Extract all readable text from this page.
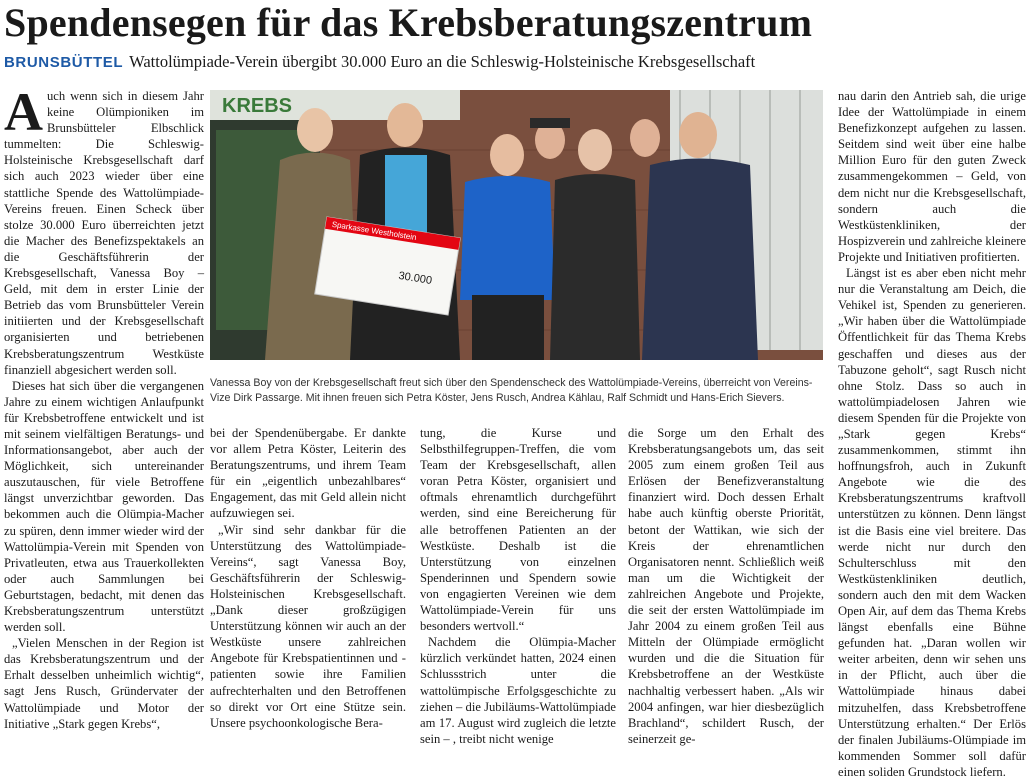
Spendensegen für das Krebsberatungszentrum
BRUNSBÜTTEL Wattolümpiade-Verein übergibt 30.000 Euro an die Schleswig-Holsteinische Krebsgesellschaft

Auch wenn sich in diesem Jahr keine Olümpioniken im Brunsbütteler Elbschlick tummelten: Die Schleswig-Holsteinische Krebsgesellschaft darf sich auch 2023 wieder über eine stattliche Spende des Wattolümpiade-Vereins freuen. Einen Scheck über stolze 30.000 Euro überreichten jetzt die Macher des Benefizspektakels an die Geschäftsführerin der Krebsgesellschaft, Vanessa Boy – Geld, mit dem in erster Linie der Betrieb das vom Brunsbütteler Verein initiierten und der Krebsgesellschaft organisierten und betriebenen Krebsberatungszentrum Westküste finanziell abgesichert werden soll.

Dieses hat sich über die vergangenen Jahre zu einem wichtigen Anlaufpunkt für Krebsbetroffene entwickelt und ist mit seinem vielfältigen Beratungs- und Informationsangebot, aber auch der Möglichkeit, sich untereinander auszutauschen, für viele Betroffene längst unverzichtbar geworden. Das bekommen auch die Olümpia-Macher zu spüren, denn immer wieder wird der Wattolümpia-Verein mit Spenden von Privatleuten, etwa aus Trauerkollekten oder auch Sammlungen bei Geburtstagen, bedacht, mit denen das Krebsberatungszentrum unterstützt werden soll.

„Vielen Menschen in der Region ist das Krebsberatungszentrum und der Erhalt desselben unheimlich wichtig“, sagt Jens Rusch, Gründervater der Wattolümpiade und Motor der Initiative „Stark gegen Krebs“,

KREBS
Sparkasse Westholstein
30.000
Vanessa Boy von der Krebsgesellschaft freut sich über den Spendenscheck des Wattolümpiade-Vereins, überreicht von Vereins-Vize Dirk Passarge. Mit ihnen freuen sich Petra Köster, Jens Rusch, Andrea Kählau, Ralf Schmidt und Hans-Erich Sievers.

bei der Spendenübergabe. Er dankte vor allem Petra Köster, Leiterin des Beratungszentrums, und ihrem Team für ein „eigentlich unbezahlbares“ Engagement, das mit Geld allein nicht aufzuwiegen sei.

„Wir sind sehr dankbar für die Unterstützung des Wattolümpiade-Vereins“, sagt Vanessa Boy, Geschäftsführerin der Schleswig-Holsteinischen Krebsgesellschaft. „Dank dieser großzügigen Unterstützung können wir auch an der Westküste unsere zahlreichen Angebote für Krebspatientinnen und -patienten sowie ihre Familien aufrechterhalten und den Betroffenen so direkt vor Ort eine Stütze sein. Unsere psychoonkologische Bera-

tung, die Kurse und Selbsthilfegruppen-Treffen, die vom Team der Krebsgesellschaft, allen voran Petra Köster, organisiert und oftmals ehrenamtlich durchgeführt werden, sind eine Bereicherung für alle betroffenen Patienten an der Westküste. Deshalb ist die Unterstützung von einzelnen Spenderinnen und Spendern sowie von engagierten Vereinen wie dem Wattolümpiade-Verein für uns besonders wertvoll.“

Nachdem die Olümpia-Macher kürzlich verkündet hatten, 2024 einen Schlussstrich unter die wattolümpische Erfolgsgeschichte zu ziehen – die Jubiläums-Wattolümpiade am 17. August wird zugleich die letzte sein – , treibt nicht wenige

die Sorge um den Erhalt des Krebsberatungsangebots um, das seit 2005 zum einem großen Teil aus Erlösen der Benefizveranstaltung finanziert wird. Doch dessen Erhalt habe auch künftig oberste Priorität, betont der Wattikan, wie sich der Kreis der ehrenamtlichen Organisatoren nennt. Schließlich weiß man um die Wichtigkeit der zahlreichen Angebote und Projekte, die seit der ersten Wattolümpiade im Jahr 2004 zu einem großen Teil aus Mitteln der Olümpiade ermöglicht wurden und die die Situation für Krebsbetroffene an der Westküste nachhaltig verbessert haben. „Als wir 2004 anfingen, war hier diesbezüglich Brachland“, schildert Rusch, der seinerzeit ge-

nau darin den Antrieb sah, die urige Idee der Wattolümpiade in einem Benefizkonzept aufgehen zu lassen. Seitdem sind weit über eine halbe Million Euro für den guten Zweck zusammengekommen – Geld, von dem nicht nur die Krebsgesellschaft, sondern auch die Westküstenkliniken, der Hospizverein und zahlreiche kleinere Projekte und Initiativen profitierten.

Längst ist es aber eben nicht mehr nur die Veranstaltung am Deich, die Vehikel ist, Spenden zu generieren. „Wir haben über die Wattolümpiade Öffentlichkeit für das Thema Krebs geschaffen und dieses aus der Tabuzone geholt“, sagt Rusch nicht ohne Stolz. Dass so auch in wattolümpiadelosen Jahren wie diesem Spenden für die Projekte von „Stark gegen Krebs“ zusammenkommen, stimmt ihn hoffnungsfroh, auch in Zukunft Angebote wie die des Krebsberatungszentrums kraftvoll unterstützen zu können. Denn längst ist die Basis eine viel breitere. Das werde nicht nur durch den Schulterschluss mit den Westküstenkliniken deutlich, sondern auch den mit dem Wacken Open Air, auf dem das Thema Krebs längst ebenfalls eine Bühne gefunden hat. „Daran wollen wir weiter arbeiten, denn wir sehen uns in der Pflicht, auch über die Wattolümpiade hinaus dabei mitzuhelfen, dass Krebsbetroffene Unterstützung erhalten.“ Der Erlös der finalen Jubiläums-Olümpiade im kommenden Sommer soll dafür einen soliden Grundstock liefern.
